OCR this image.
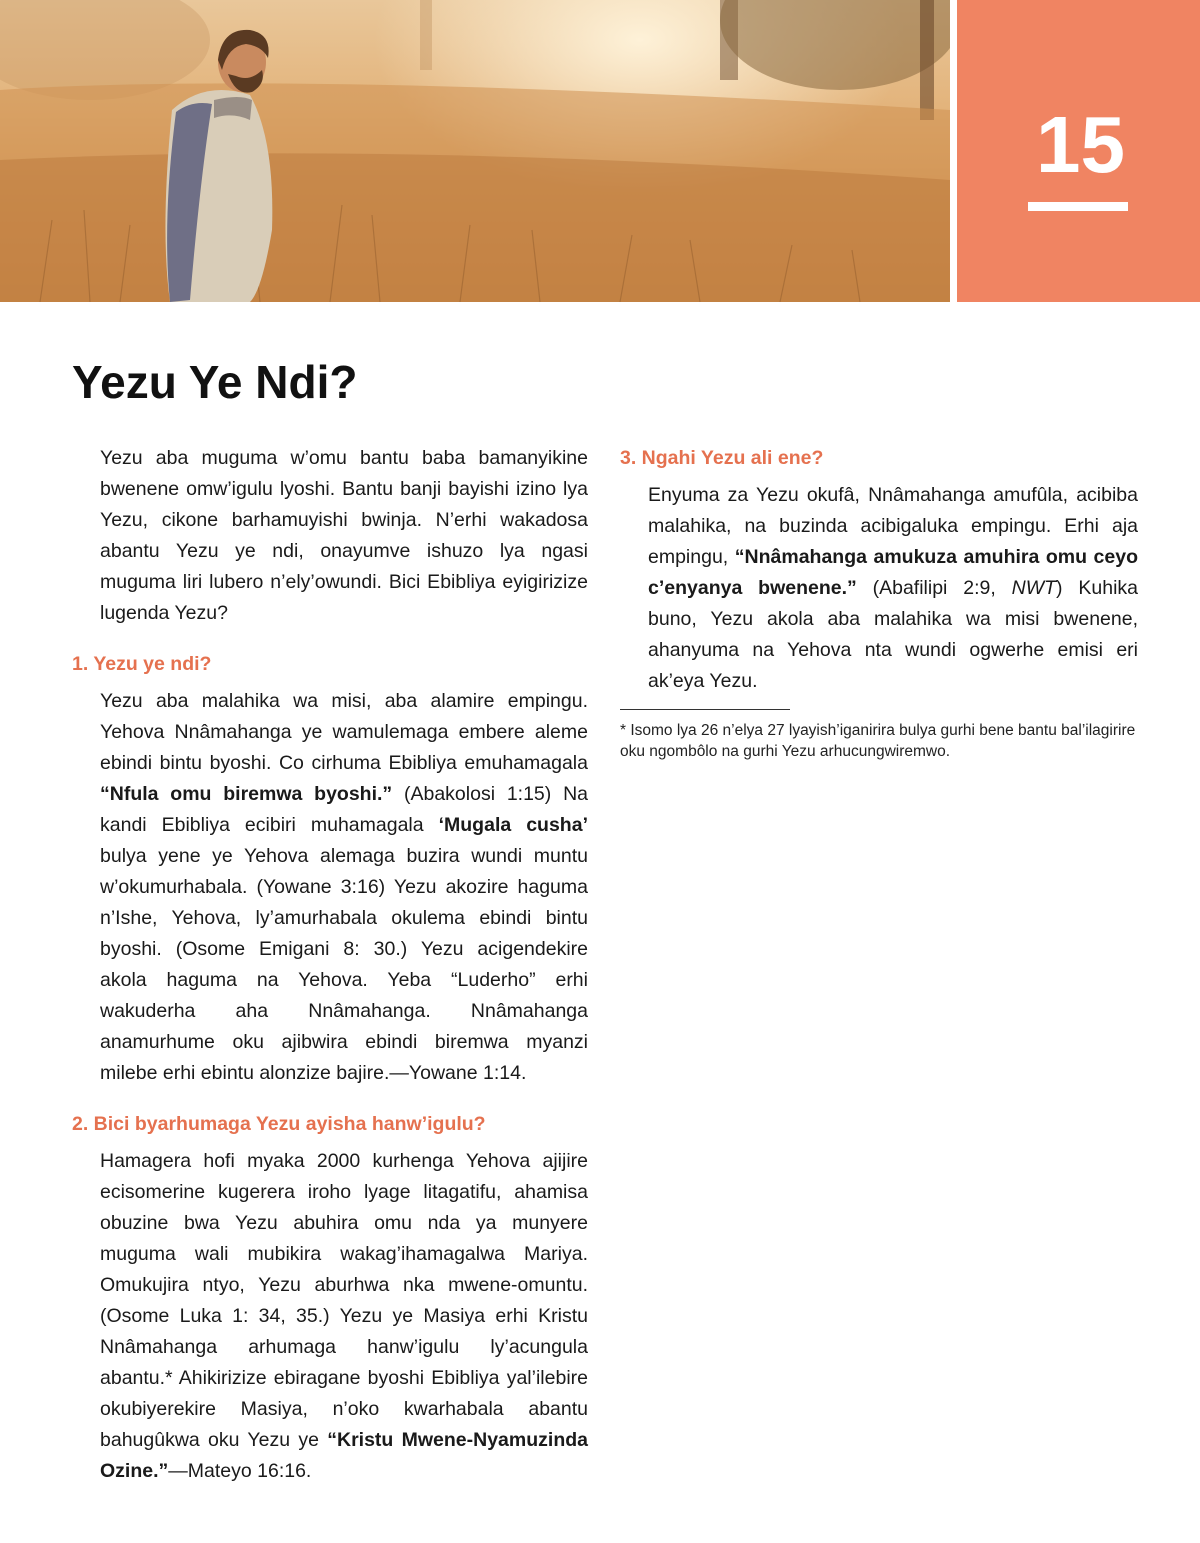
15
Yezu Ye Ndi?

Yezu aba muguma w’omu bantu baba bamanyikine bwenene omw’igulu lyoshi. Bantu banji bayishi izino lya Yezu, cikone barhamuyishi bwinja. N’erhi wakadosa abantu Yezu ye ndi, onayumve ishuzo lya ngasi muguma liri lubero n’ely’owundi. Bici Ebibliya eyigirizize lugenda Yezu?

1. Yezu ye ndi?

Yezu aba malahika wa misi, aba alamire empingu. Yehova Nnâmahanga ye wamulemaga embere aleme ebindi bintu byoshi. Co cirhuma Ebibliya emuhamagala “Nfula omu biremwa byoshi.” (Abakolosi 1:15) Na kandi Ebibliya ecibiri muhamagala ‘Mugala cusha’ bulya yene ye Yehova alemaga buzira wundi muntu w’okumurhabala. (Yowane 3:16) Yezu akozire haguma n’Ishe, Yehova, ly’amurhabala okulema ebindi bintu byoshi. (Osome Emigani 8: 30.) Yezu acigendekire akola haguma na Yehova. Yeba “Luderho” erhi wakuderha aha Nnâmahanga. Nnâmahanga anamurhume oku ajibwira ebindi biremwa myanzi milebe erhi ebintu alonzize bajire.—Yowane 1:14.

2. Bici byarhumaga Yezu ayisha hanw’igulu?

Hamagera hofi myaka 2000 kurhenga Yehova ajijire ecisomerine kugerera iroho lyage litagatifu, ahamisa obuzine bwa Yezu abuhira omu nda ya munyere muguma wali mubikira wakag’ihamagalwa Mariya. Omukujira ntyo, Yezu aburhwa nka mwene-omuntu. (Osome Luka 1: 34, 35.) Yezu ye Masiya erhi Kristu Nnâmahanga arhumaga hanw’igulu ly’acungula abantu.* Ahikirizize ebiragane byoshi Ebibliya yal’ilebire okubiyerekire Masiya, n’oko kwarhabala abantu bahugûkwa oku Yezu ye “Kristu Mwene-Nyamuzinda Ozine.”—Mateyo 16:16.

3. Ngahi Yezu ali ene?

Enyuma za Yezu okufâ, Nnâmahanga amufûla, acibiba malahika, na buzinda acibigaluka empingu. Erhi aja empingu, “Nnâmahanga amukuza amuhira omu ceyo c’enyanya bwenene.” (Abafilipi 2:9, NWT) Kuhika buno, Yezu akola aba malahika wa misi bwenene, ahanyuma na Yehova nta wundi ogwerhe emisi eri ak’eya Yezu.

* Isomo lya 26 n’elya 27 lyayish’iganirira bulya gurhi bene bantu bal’ilagirire oku ngombôlo na gurhi Yezu arhucungwiremwo.
